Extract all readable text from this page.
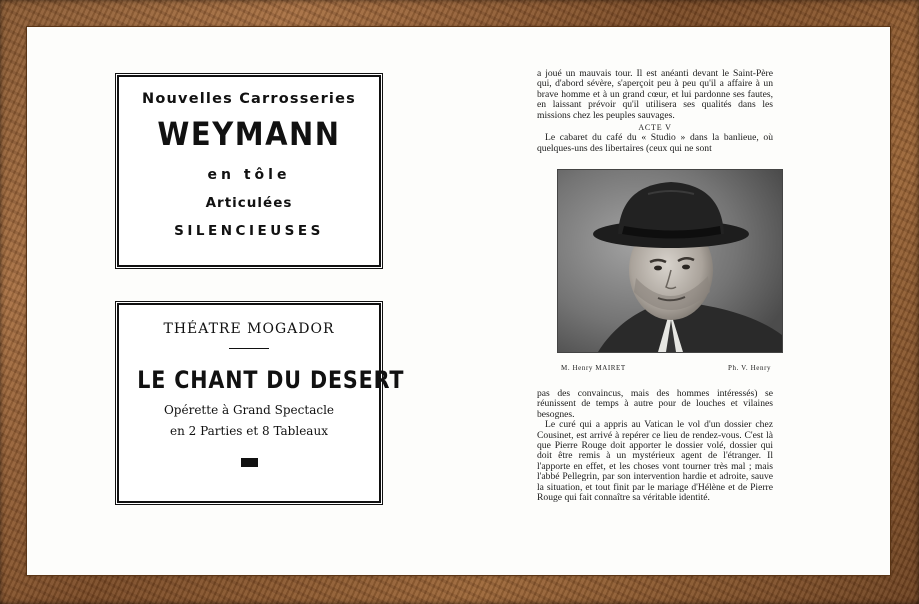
Nouvelles Carrosseries
WEYMANN
en tôle
Articulées
SILENCIEUSES
THÉATRE MOGADOR
LE CHANT DU DESERT
Opérette à Grand Spectacle
en 2 Parties et 8 Tableaux

a joué un mauvais tour. Il est anéanti devant le Saint-Père qui, d'abord sévère, s'aperçoit peu à peu qu'il a affaire à un brave homme et à un grand cœur, et lui pardonne ses fautes, en laissant prévoir qu'il utilisera ses qualités dans les missions chez les peuples sauvages.

ACTE V

Le cabaret du café du « Studio » dans la banlieue, où quelques-uns des libertaires (ceux qui ne sont

M. Henry MAIRET	Ph. V. Henry

pas des convaincus, mais des hommes intéressés) se réunissent de temps à autre pour de louches et vilaines besognes.

Le curé qui a appris au Vatican le vol d'un dossier chez Cousinet, est arrivé à repérer ce lieu de rendez-vous. C'est là que Pierre Rouge doit apporter le dossier volé, dossier qui doit être remis à un mystérieux agent de l'étranger. Il l'apporte en effet, et les choses vont tourner très mal ; mais l'abbé Pellegrin, par son intervention hardie et adroite, sauve la situation, et tout finit par le mariage d'Hélène et de Pierre Rouge qui fait connaître sa véritable identité.
